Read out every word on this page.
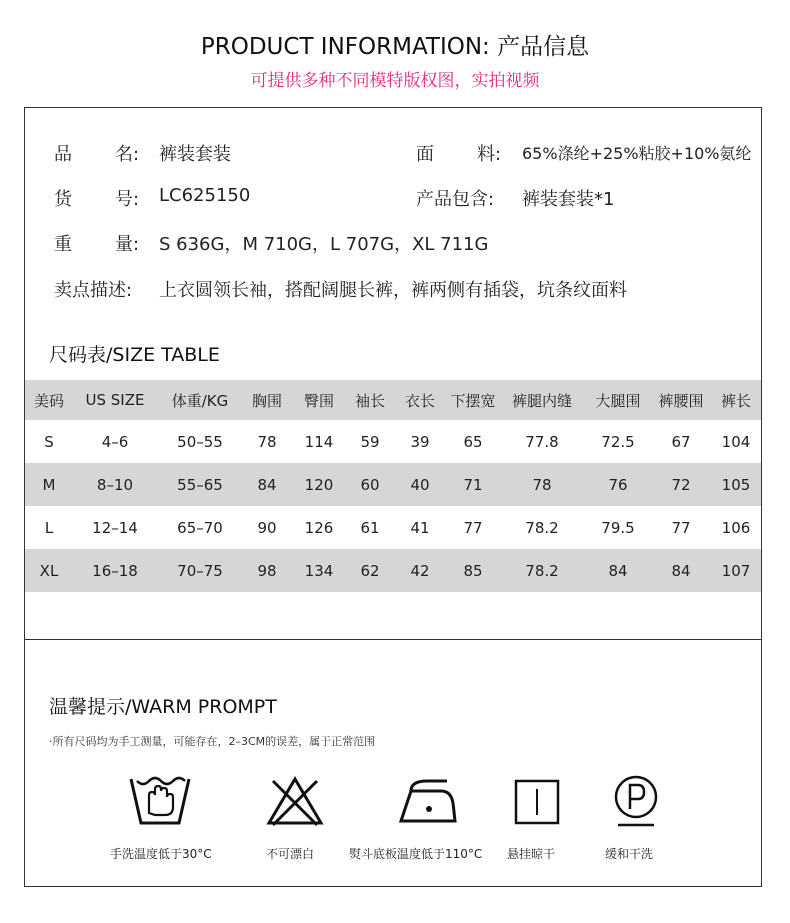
PRODUCT INFORMATION: 产品信息
可提供多种不同模特版权图，实拍视频
品 名: 裤装套装	面 料: 65%涤纶+25%粘胶+10%氨纶
货 号: LC625150	产品包含: 裤装套装*1
重 量: S 636G，M 710G，L 707G，XL 711G
卖点描述: 上衣圆领长袖，搭配阔腿长裤，裤两侧有插袋，坑条纹面料
尺码表/SIZE TABLE
美码	US SIZE	体重/KG	胸围	臀围	袖长	衣长	下摆宽	裤腿内缝	大腿围	裤腰围	裤长
S	4–6	50–55	78	114	59	39	65	77.8	72.5	67	104
M	8–10	55–65	84	120	60	40	71	78	76	72	105
L	12–14	65–70	90	126	61	41	77	78.2	79.5	77	106
XL	16–18	70–75	98	134	62	42	85	78.2	84	84	107
温馨提示/WARM PROMPT
·所有尺码均为手工测量，可能存在，2–3CM的误差，属于正常范围
手洗温度低于30°C	不可漂白	熨斗底板温度低于110°C 悬挂晾干	缓和干洗
